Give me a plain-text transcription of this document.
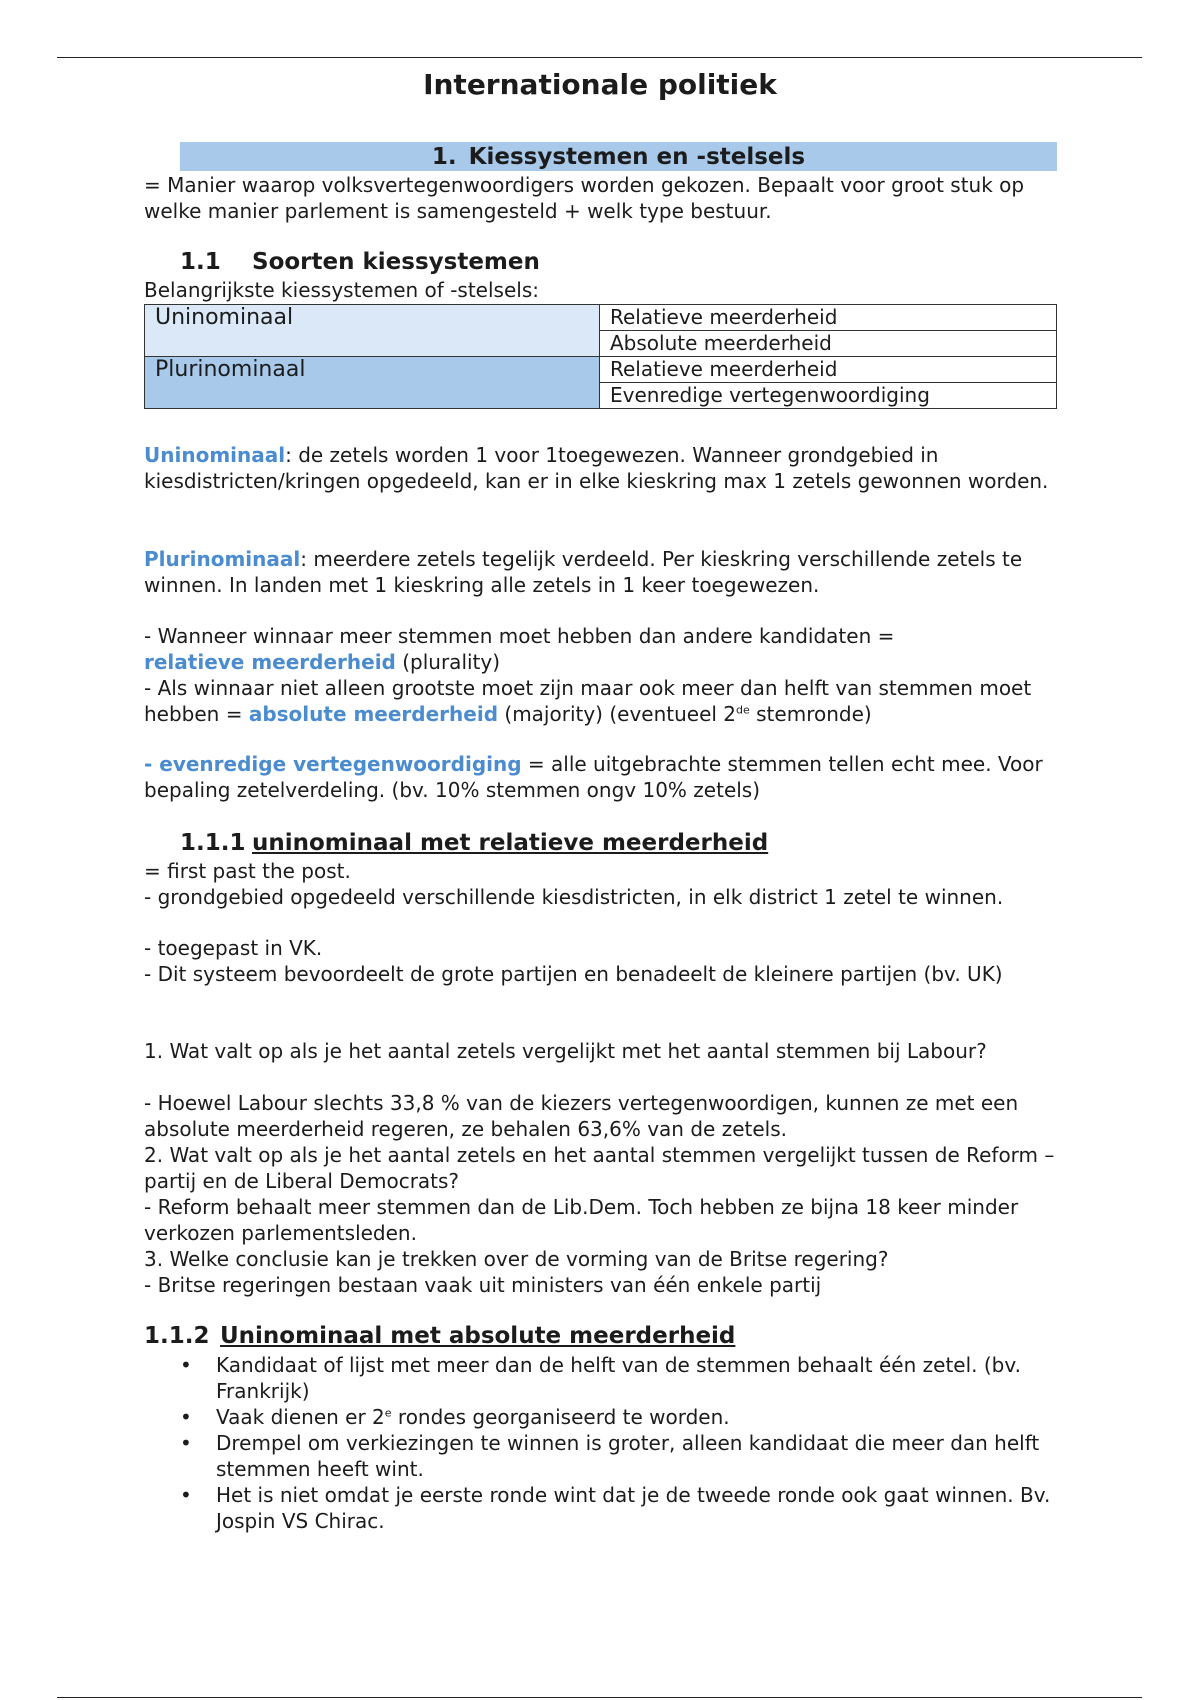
Internationale politiek
1. Kiessystemen en -stelsels

= Manier waarop volksvertegenwoordigers worden gekozen. Bepaalt voor groot stuk op welke manier parlement is samengesteld + welk type bestuur.

1.1 Soorten kiessystemen

Belangrijkste kiessystemen of -stelsels:

Uninominaal	Relatieve meerderheid
	Absolute meerderheid
Plurinominaal	Relatieve meerderheid
	Evenredige vertegenwoordiging

Uninominaal: de zetels worden 1 voor 1toegewezen. Wanneer grondgebied in kiesdistricten/kringen opgedeeld, kan er in elke kieskring max 1 zetels gewonnen worden.

Plurinominaal: meerdere zetels tegelijk verdeeld. Per kieskring verschillende zetels te winnen. In landen met 1 kieskring alle zetels in 1 keer toegewezen.

- Wanneer winnaar meer stemmen moet hebben dan andere kandidaten =
relatieve meerderheid (plurality)

- Als winnaar niet alleen grootste moet zijn maar ook meer dan helft van stemmen moet hebben = absolute meerderheid (majority) (eventueel 2de stemronde)

- evenredige vertegenwoordiging = alle uitgebrachte stemmen tellen echt mee. Voor bepaling zetelverdeling. (bv. 10% stemmen ongv 10% zetels)

1.1.1 uninominaal met relatieve meerderheid

= first past the post.

- grondgebied opgedeeld verschillende kiesdistricten, in elk district 1 zetel te winnen.

- toegepast in VK.

- Dit systeem bevoordeelt de grote partijen en benadeelt de kleinere partijen (bv. UK)

1. Wat valt op als je het aantal zetels vergelijkt met het aantal stemmen bij Labour?

- Hoewel Labour slechts 33,8 % van de kiezers vertegenwoordigen, kunnen ze met een absolute meerderheid regeren, ze behalen 63,6% van de zetels.

2. Wat valt op als je het aantal zetels en het aantal stemmen vergelijkt tussen de Reform – partij en de Liberal Democrats?

- Reform behaalt meer stemmen dan de Lib.Dem. Toch hebben ze bijna 18 keer minder verkozen parlementsleden.

3. Welke conclusie kan je trekken over de vorming van de Britse regering?

- Britse regeringen bestaan vaak uit ministers van één enkele partij

1.1.2 Uninominaal met absolute meerderheid
• Kandidaat of lijst met meer dan de helft van de stemmen behaalt één zetel. (bv. Frankrijk)
• Vaak dienen er 2e rondes georganiseerd te worden.
• Drempel om verkiezingen te winnen is groter, alleen kandidaat die meer dan helft stemmen heeft wint.
• Het is niet omdat je eerste ronde wint dat je de tweede ronde ook gaat winnen. Bv. Jospin VS Chirac.
